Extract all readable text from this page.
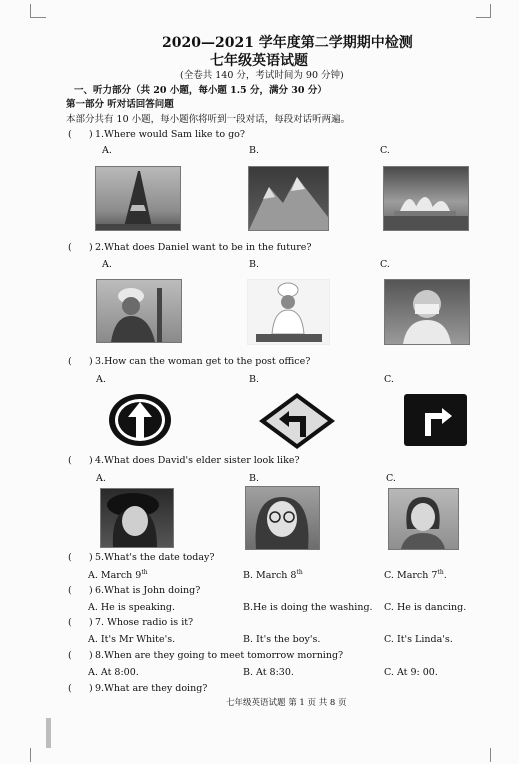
2020—2021 学年度第二学期期中检测
七年级英语试题
(全卷共 140 分，考试时间为 90 分钟)
一、听力部分（共 20 小题，每小题 1.5 分，满分 30 分）
第一部分 听对话回答问题
本部分共有 10 小题，每小题你将听到一段对话，每段对话听两遍。
( ) 1.Where would Sam like to go?
A.	B.	C.
( ) 2.What does Daniel want to be in the future?
A.	B.	C.
( ) 3.How can the woman get to the post office?
A.	B.	C.
( ) 4.What does David's elder sister look like?
A.	B.	C.
( ) 5.What's the date today?
A. March 9th	B. March 8th	C. March 7th.
( ) 6.What is John doing?
A. He is speaking.	B.He is doing the washing. C. He is dancing.
( ) 7. Whose radio is it?
A. It's Mr White's.	B. It's the boy's.	C. It's Linda's.
( ) 8.When are they going to meet tomorrow morning?
A. At 8:00.	B. At 8:30.	C. At 9: 00.
( ) 9.What are they doing?
七年级英语试题 第 1 页 共 8 页
